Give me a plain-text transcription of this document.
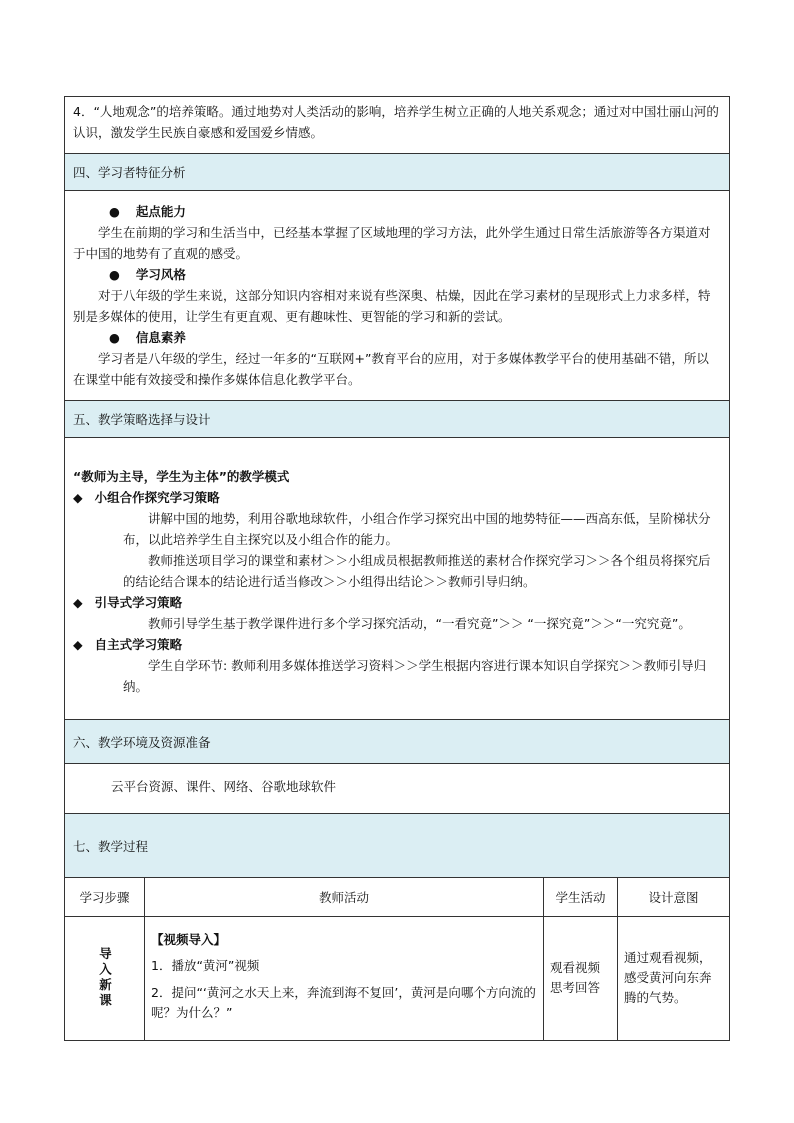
4．“人地观念”的培养策略。通过地势对人类活动的影响，培养学生树立正确的人地关系观念；通过对中国壮丽山河的认识，激发学生民族自豪感和爱国爱乡情感。
四、学习者特征分析
● 起点能力
学生在前期的学习和生活当中，已经基本掌握了区域地理的学习方法，此外学生通过日常生活旅游等各方渠道对于中国的地势有了直观的感受。
● 学习风格
对于八年级的学生来说，这部分知识内容相对来说有些深奥、枯燥，因此在学习素材的呈现形式上力求多样，特别是多媒体的使用，让学生有更直观、更有趣味性、更智能的学习和新的尝试。
● 信息素养
学习者是八年级的学生，经过一年多的“互联网+”教育平台的应用，对于多媒体教学平台的使用基础不错，所以在课堂中能有效接受和操作多媒体信息化教学平台。
五、教学策略选择与设计
“教师为主导，学生为主体”的教学模式
◆ 小组合作探究学习策略
讲解中国的地势，利用谷歌地球软件，小组合作学习探究出中国的地势特征——西高东低，呈阶梯状分布，以此培养学生自主探究以及小组合作的能力。
教师推送项目学习的课堂和素材＞＞小组成员根据教师推送的素材合作探究学习＞＞各个组员将探究后的结论结合课本的结论进行适当修改＞＞小组得出结论＞＞教师引导归纳。
◆ 引导式学习策略
教师引导学生基于教学课件进行多个学习探究活动，“一看究竟”＞＞ “一探究竟”＞＞“一究究竟”。
◆ 自主式学习策略
学生自学环节: 教师利用多媒体推送学习资料＞＞学生根据内容进行课本知识自学探究＞＞教师引导归纳。
六、教学环境及资源准备
云平台资源、课件、网络、谷歌地球软件
七、教学过程
学习步骤	教师活动	学生活动	设计意图

导入新课	【视频导入】
1．播放“黄河”视频
2．提问“‘黄河之水天上来，奔流到海不复回’，黄河是向哪个方向流的呢？为什么？”	观看视频思考回答	通过观看视频，感受黄河向东奔腾的气势。
